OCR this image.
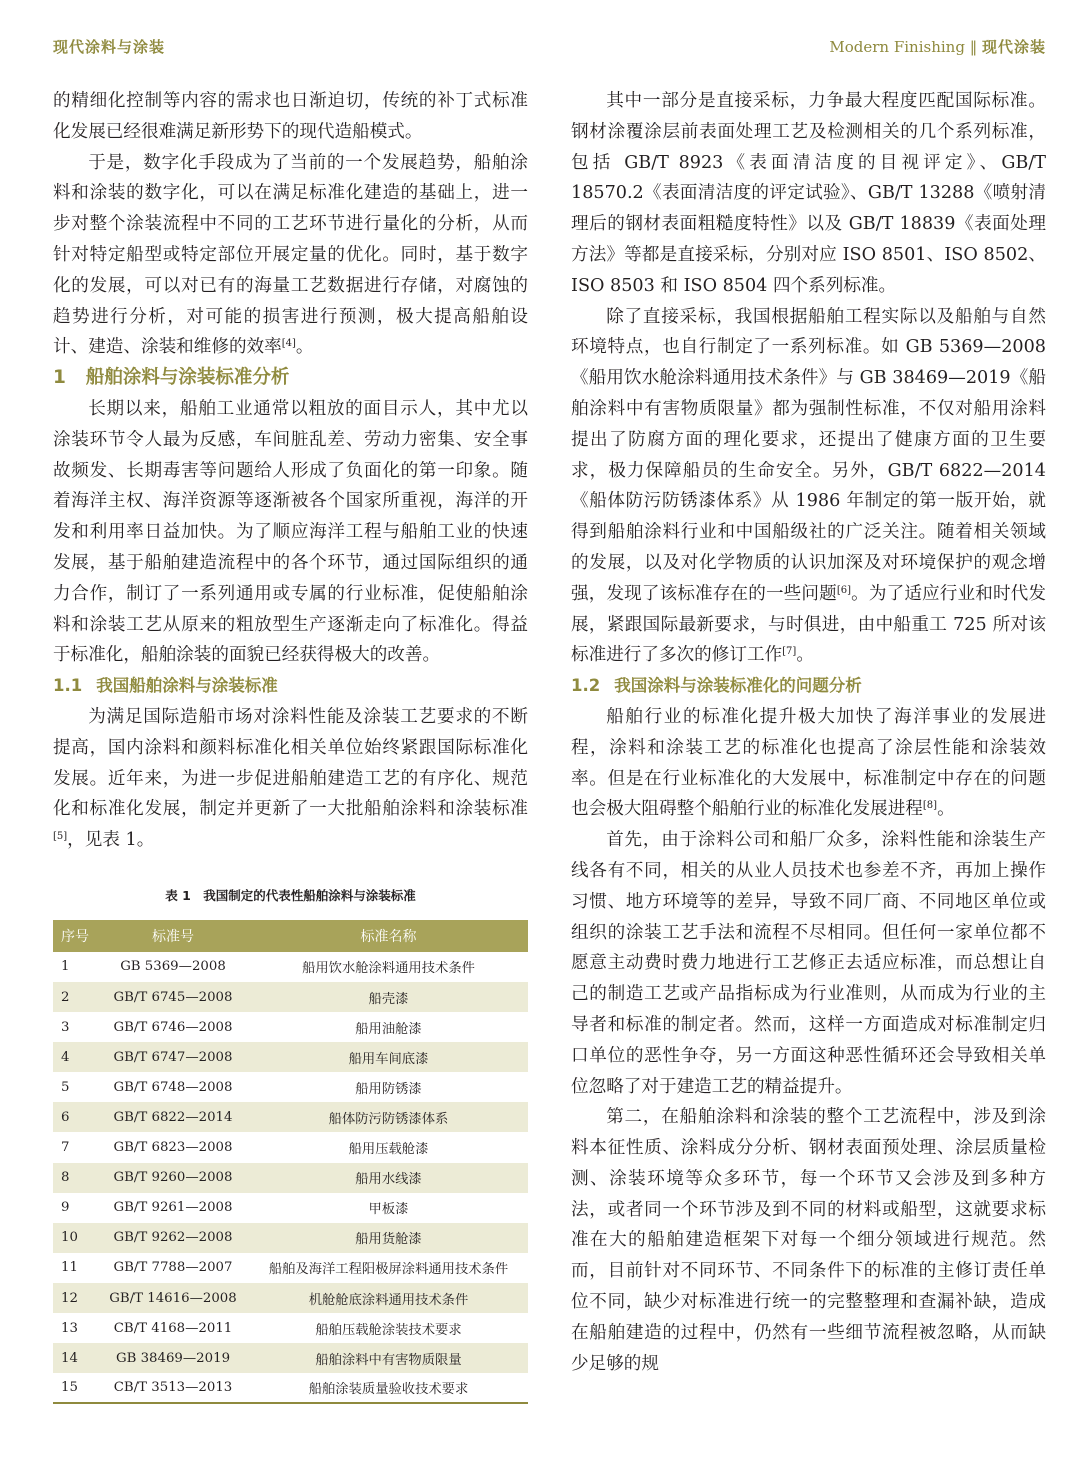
现代涂料与涂装	Modern Finishing ‖ 现代涂装

的精细化控制等内容的需求也日渐迫切，传统的补丁式标准化发展已经很难满足新形势下的现代造船模式。

于是，数字化手段成为了当前的一个发展趋势，船舶涂料和涂装的数字化，可以在满足标准化建造的基础上，进一步对整个涂装流程中不同的工艺环节进行量化的分析，从而针对特定船型或特定部位开展定量的优化。同时，基于数字化的发展，可以对已有的海量工艺数据进行存储，对腐蚀的趋势进行分析，对可能的损害进行预测，极大提高船舶设计、建造、涂装和维修的效率[4]。

1 船舶涂料与涂装标准分析

长期以来，船舶工业通常以粗放的面目示人，其中尤以涂装环节令人最为反感，车间脏乱差、劳动力密集、安全事故频发、长期毒害等问题给人形成了负面化的第一印象。随着海洋主权、海洋资源等逐渐被各个国家所重视，海洋的开发和利用率日益加快。为了顺应海洋工程与船舶工业的快速发展，基于船舶建造流程中的各个环节，通过国际组织的通力合作，制订了一系列通用或专属的行业标准，促使船舶涂料和涂装工艺从原来的粗放型生产逐渐走向了标准化。得益于标准化，船舶涂装的面貌已经获得极大的改善。

1.1 我国船舶涂料与涂装标准

为满足国际造船市场对涂料性能及涂装工艺要求的不断提高，国内涂料和颜料标准化相关单位始终紧跟国际标准化发展。近年来，为进一步促进船舶建造工艺的有序化、规范化和标准化发展，制定并更新了一大批船舶涂料和涂装标准[5]，见表 1。

表 1　我国制定的代表性船舶涂料与涂装标准
序号	标准号	标准名称
1	GB 5369—2008	船用饮水舱涂料通用技术条件
2	GB/T 6745—2008	船壳漆
3	GB/T 6746—2008	船用油舱漆
4	GB/T 6747—2008	船用车间底漆
5	GB/T 6748—2008	船用防锈漆
6	GB/T 6822—2014	船体防污防锈漆体系
7	GB/T 6823—2008	船用压载舱漆
8	GB/T 9260—2008	船用水线漆
9	GB/T 9261—2008	甲板漆
10	GB/T 9262—2008	船用货舱漆
11	GB/T 7788—2007	船舶及海洋工程阳极屏涂料通用技术条件
12	GB/T 14616—2008	机舱舱底涂料通用技术条件
13	CB/T 4168—2011	船舶压载舱涂装技术要求
14	GB 38469—2019	船舶涂料中有害物质限量
15	CB/T 3513—2013	船舶涂装质量验收技术要求

其中一部分是直接采标，力争最大程度匹配国际标准。钢材涂覆涂层前表面处理工艺及检测相关的几个系列标准，包括 GB/T 8923《表面清洁度的目视评定》、GB/T 18570.2《表面清洁度的评定试验》、GB/T 13288《喷射清理后的钢材表面粗糙度特性》以及 GB/T 18839《表面处理方法》等都是直接采标，分别对应 ISO 8501、ISO 8502、ISO 8503 和 ISO 8504 四个系列标准。

除了直接采标，我国根据船舶工程实际以及船舶与自然环境特点，也自行制定了一系列标准。如 GB 5369—2008《船用饮水舱涂料通用技术条件》与 GB 38469—2019《船舶涂料中有害物质限量》都为强制性标准，不仅对船用涂料提出了防腐方面的理化要求，还提出了健康方面的卫生要求，极力保障船员的生命安全。另外，GB/T 6822—2014《船体防污防锈漆体系》从 1986 年制定的第一版开始，就得到船舶涂料行业和中国船级社的广泛关注。随着相关领域的发展，以及对化学物质的认识加深及对环境保护的观念增强，发现了该标准存在的一些问题[6]。为了适应行业和时代发展，紧跟国际最新要求，与时俱进，由中船重工 725 所对该标准进行了多次的修订工作[7]。

1.2 我国涂料与涂装标准化的问题分析

船舶行业的标准化提升极大加快了海洋事业的发展进程，涂料和涂装工艺的标准化也提高了涂层性能和涂装效率。但是在行业标准化的大发展中，标准制定中存在的问题也会极大阻碍整个船舶行业的标准化发展进程[8]。

首先，由于涂料公司和船厂众多，涂料性能和涂装生产线各有不同，相关的从业人员技术也参差不齐，再加上操作习惯、地方环境等的差异，导致不同厂商、不同地区单位或组织的涂装工艺手法和流程不尽相同。但任何一家单位都不愿意主动费时费力地进行工艺修正去适应标准，而总想让自己的制造工艺或产品指标成为行业准则，从而成为行业的主导者和标准的制定者。然而，这样一方面造成对标准制定归口单位的恶性争夺，另一方面这种恶性循环还会导致相关单位忽略了对于建造工艺的精益提升。

第二，在船舶涂料和涂装的整个工艺流程中，涉及到涂料本征性质、涂料成分分析、钢材表面预处理、涂层质量检测、涂装环境等众多环节，每一个环节又会涉及到多种方法，或者同一个环节涉及到不同的材料或船型，这就要求标准在大的船舶建造框架下对每一个细分领域进行规范。然而，目前针对不同环节、不同条件下的标准的主修订责任单位不同，缺少对标准进行统一的完整整理和查漏补缺，造成在船舶建造的过程中，仍然有一些细节流程被忽略，从而缺少足够的规
